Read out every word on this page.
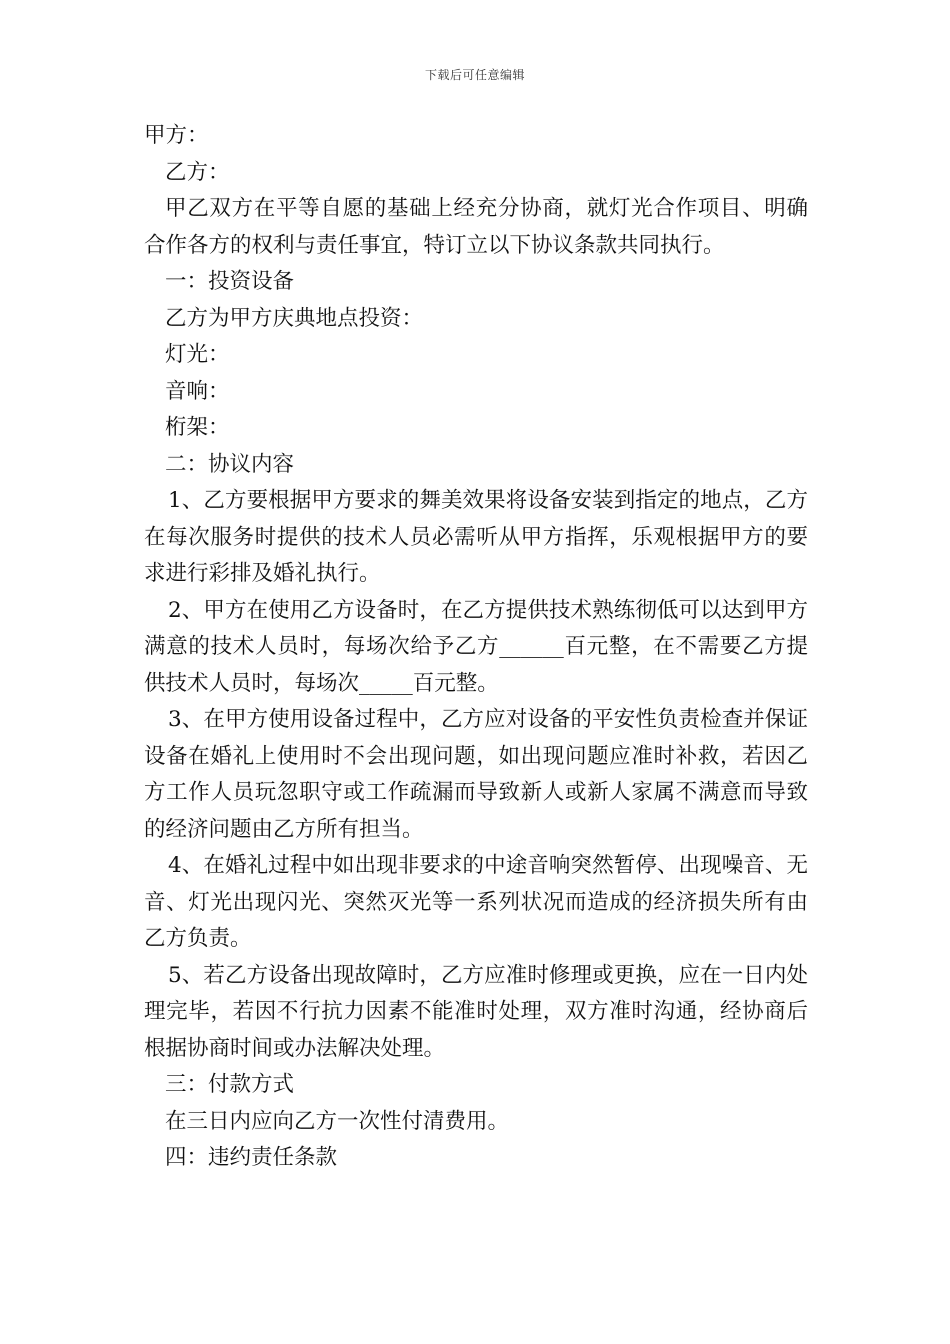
下载后可任意编辑

甲方：

乙方：

甲乙双方在平等自愿的基础上经充分协商，就灯光合作项目、明确合作各方的权利与责任事宜，特订立以下协议条款共同执行。

一：投资设备

乙方为甲方庆典地点投资：

灯光：

音响：

桁架：

二：协议内容

1、乙方要根据甲方要求的舞美效果将设备安装到指定的地点，乙方在每次服务时提供的技术人员必需听从甲方指挥，乐观根据甲方的要求进行彩排及婚礼执行。

2、甲方在使用乙方设备时，在乙方提供技术熟练彻低可以达到甲方满意的技术人员时，每场次给予乙方______百元整，在不需要乙方提供技术人员时，每场次_____百元整。

3、在甲方使用设备过程中，乙方应对设备的平安性负责检查并保证设备在婚礼上使用时不会出现问题，如出现问题应准时补救，若因乙方工作人员玩忽职守或工作疏漏而导致新人或新人家属不满意而导致的经济问题由乙方所有担当。

4、在婚礼过程中如出现非要求的中途音响突然暂停、出现噪音、无音、灯光出现闪光、突然灭光等一系列状况而造成的经济损失所有由乙方负责。

5、若乙方设备出现故障时，乙方应准时修理或更换，应在一日内处理完毕，若因不行抗力因素不能准时处理，双方准时沟通，经协商后根据协商时间或办法解决处理。

三：付款方式

在三日内应向乙方一次性付清费用。

四：违约责任条款
